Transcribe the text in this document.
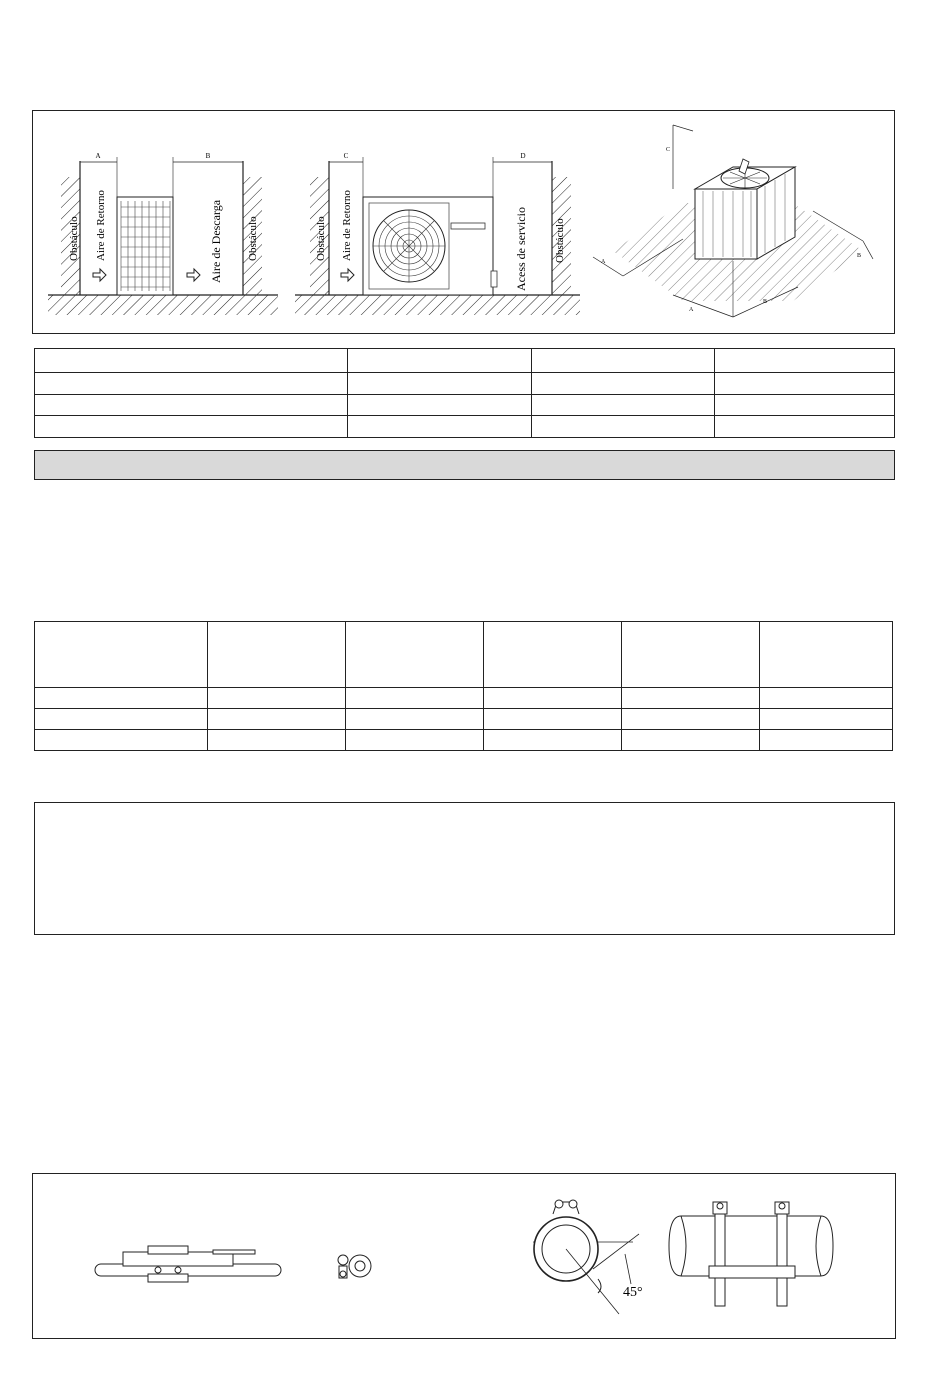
A	B
Obstáculo Aire de Retorno	Aire de Descarga Obstáculo
C	D
Obstáculo Aire de Retorno	Acess de servicio Obstáculo
C
A
B
A
B

45°
